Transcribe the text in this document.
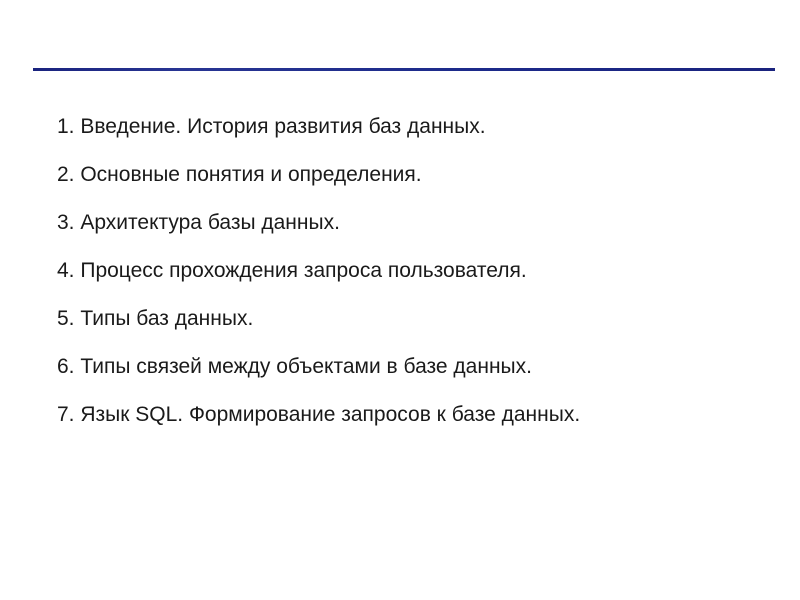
1. Введение. История развития баз данных.
2. Основные понятия и определения.
3. Архитектура базы данных.
4. Процесс прохождения запроса пользователя.
5. Типы баз данных.
6. Типы связей между объектами в базе данных.
7. Язык SQL. Формирование запросов к базе данных.
